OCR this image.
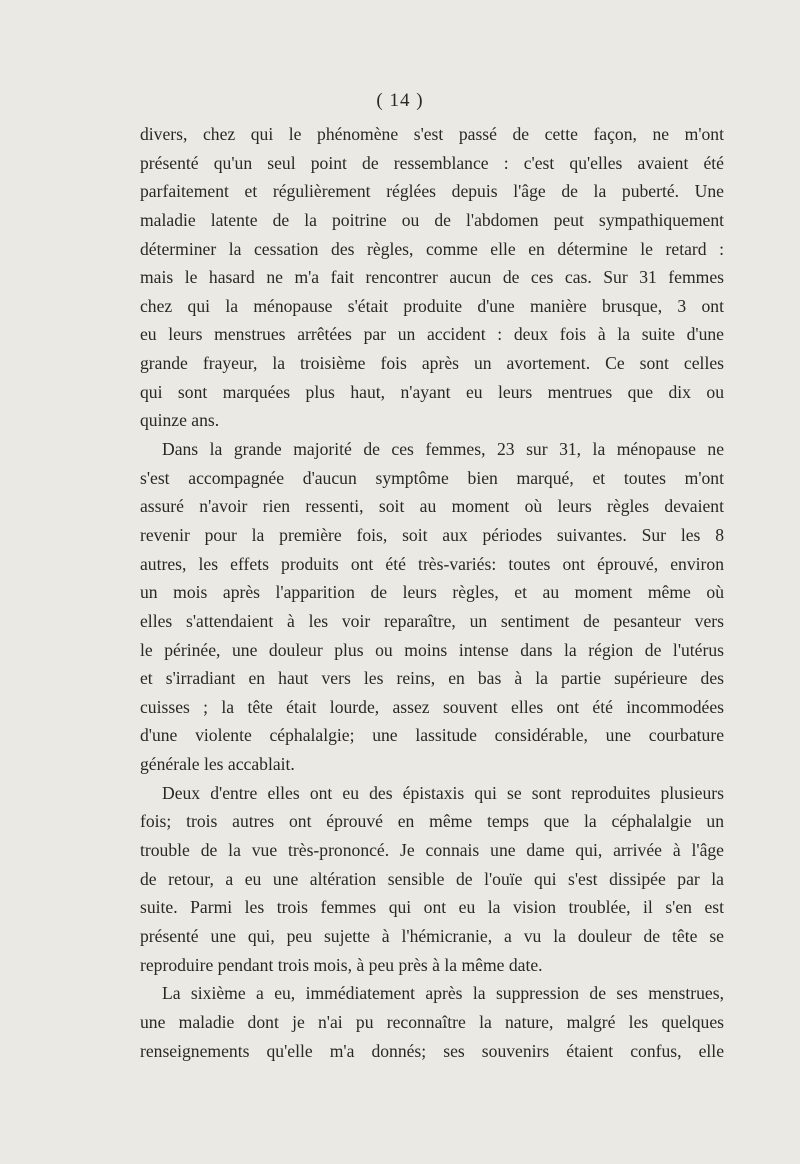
( 14 )
divers, chez qui le phénomène s'est passé de cette façon, ne m'ont
présenté qu'un seul point de ressemblance : c'est qu'elles avaient été
parfaitement et régulièrement réglées depuis l'âge de la puberté. Une
maladie latente de la poitrine ou de l'abdomen peut sympathiquement
déterminer la cessation des règles, comme elle en détermine le retard :
mais le hasard ne m'a fait rencontrer aucun de ces cas. Sur 31 femmes
chez qui la ménopause s'était produite d'une manière brusque, 3 ont
eu leurs menstrues arrêtées par un accident : deux fois à la suite d'une
grande frayeur, la troisième fois après un avortement. Ce sont celles
qui sont marquées plus haut, n'ayant eu leurs mentrues que dix ou
quinze ans.
Dans la grande majorité de ces femmes, 23 sur 31, la ménopause ne
s'est accompagnée d'aucun symptôme bien marqué, et toutes m'ont
assuré n'avoir rien ressenti, soit au moment où leurs règles devaient
revenir pour la première fois, soit aux périodes suivantes. Sur les 8
autres, les effets produits ont été très-variés: toutes ont éprouvé, environ
un mois après l'apparition de leurs règles, et au moment même où
elles s'attendaient à les voir reparaître, un sentiment de pesanteur vers
le périnée, une douleur plus ou moins intense dans la région de l'utérus
et s'irradiant en haut vers les reins, en bas à la partie supérieure des
cuisses ; la tête était lourde, assez souvent elles ont été incommodées
d'une violente céphalalgie; une lassitude considérable, une courbature
générale les accablait.
Deux d'entre elles ont eu des épistaxis qui se sont reproduites plusieurs
fois; trois autres ont éprouvé en même temps que la céphalalgie un
trouble de la vue très-prononcé. Je connais une dame qui, arrivée à l'âge
de retour, a eu une altération sensible de l'ouïe qui s'est dissipée par la
suite. Parmi les trois femmes qui ont eu la vision troublée, il s'en est
présenté une qui, peu sujette à l'hémicranie, a vu la douleur de tête se
reproduire pendant trois mois, à peu près à la même date.
La sixième a eu, immédiatement après la suppression de ses menstrues,
une maladie dont je n'ai pu reconnaître la nature, malgré les quelques
renseignements qu'elle m'a donnés; ses souvenirs étaient confus, elle
